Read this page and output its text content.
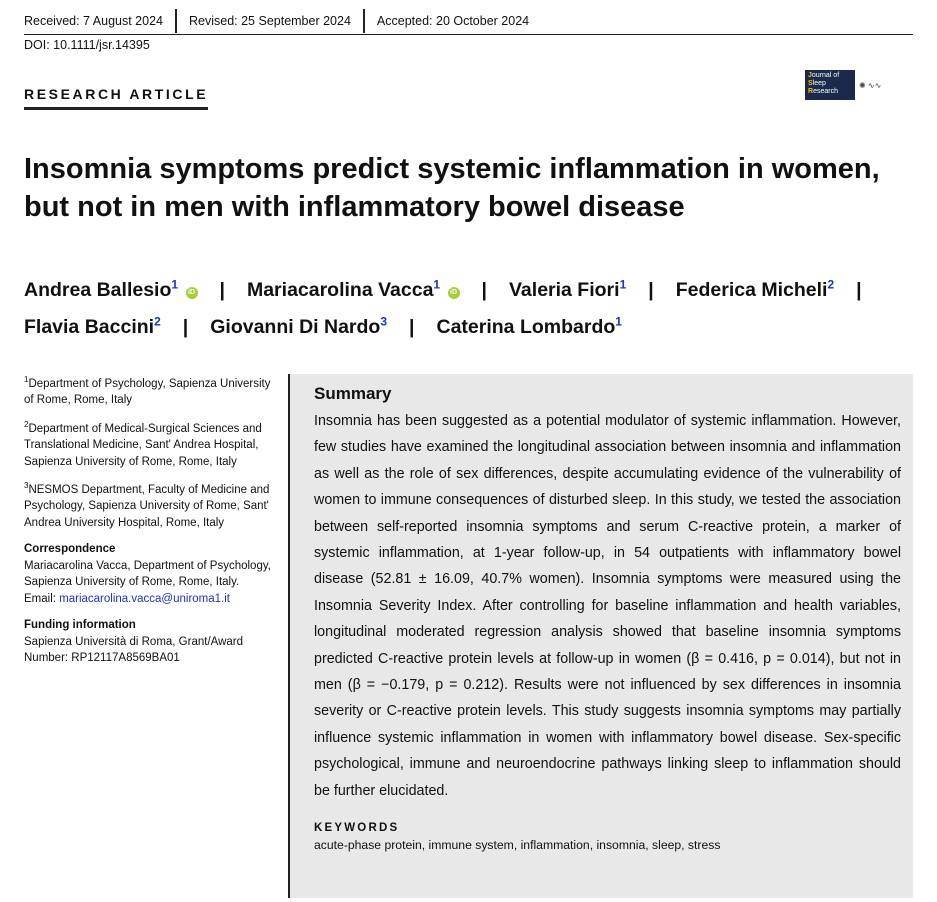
Received: 7 August 2024	Revised: 25 September 2024	Accepted: 20 October 2024
DOI: 10.1111/jsr.14395
RESEARCH ARTICLE
Journal of Sleep Research
✺ ∿∿
Insomnia symptoms predict systemic inflammation in women, but not in men with inflammatory bowel disease
Andrea Ballesio$^1$ iD | Mariacarolina Vacca$^1$ iD | Valeria Fiori$^1$ | Federica Micheli$^2$ |
Flavia Baccini$^2$ | Giovanni Di Nardo$^3$ | Caterina Lombardo$^1$

$^1$Department of Psychology, Sapienza University of Rome, Rome, Italy

$^2$Department of Medical-Surgical Sciences and Translational Medicine, Sant' Andrea Hospital, Sapienza University of Rome, Rome, Italy

$^3$NESMOS Department, Faculty of Medicine and Psychology, Sapienza University of Rome, Sant' Andrea University Hospital, Rome, Italy

Correspondence

Mariacarolina Vacca, Department of Psychology, Sapienza University of Rome, Rome, Italy.
Email: mariacarolina.vacca@uniroma1.it

Funding information

Sapienza Università di Roma, Grant/Award Number: RP12117A8569BA01

Summary

Insomnia has been suggested as a potential modulator of systemic inflammation. However, few studies have examined the longitudinal association between insomnia and inflammation as well as the role of sex differences, despite accumulating evidence of the vulnerability of women to immune consequences of disturbed sleep. In this study, we tested the association between self-reported insomnia symptoms and serum C-reactive protein, a marker of systemic inflammation, at 1-year follow-up, in 54 outpatients with inflammatory bowel disease (52.81 ± 16.09, 40.7% women). Insomnia symptoms were measured using the Insomnia Severity Index. After controlling for baseline inflammation and health variables, longitudinal moderated regression analysis showed that baseline insomnia symptoms predicted C-reactive protein levels at follow-up in women (β = 0.416, p = 0.014), but not in men (β = −0.179, p = 0.212). Results were not influenced by sex differences in insomnia severity or C-reactive protein levels. This study suggests insomnia symptoms may partially influence systemic inflammation in women with inflammatory bowel disease. Sex-specific psychological, immune and neuroendocrine pathways linking sleep to inflammation should be further elucidated.

KEYWORDS
acute-phase protein, immune system, inflammation, insomnia, sleep, stress
